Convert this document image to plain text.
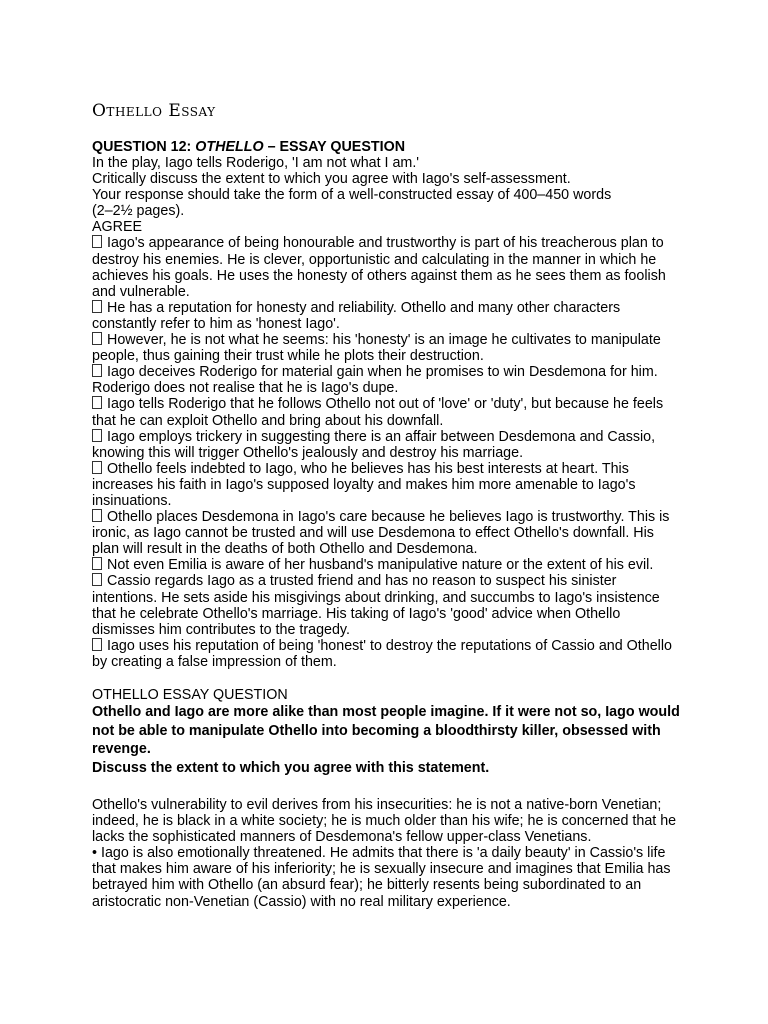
Othello Essay
QUESTION 12: OTHELLO – ESSAY QUESTION

In the play, Iago tells Roderigo, 'I am not what I am.'

Critically discuss the extent to which you agree with Iago's self-assessment.

Your response should take the form of a well-constructed essay of 400–450 words

(2–2½ pages).

AGREE

Iago's appearance of being honourable and trustworthy is part of his treacherous plan to destroy his enemies. He is clever, opportunistic and calculating in the manner in which he achieves his goals. He uses the honesty of others against them as he sees them as foolish and vulnerable.

He has a reputation for honesty and reliability. Othello and many other characters constantly refer to him as 'honest Iago'.

However, he is not what he seems: his 'honesty' is an image he cultivates to manipulate people, thus gaining their trust while he plots their destruction.

Iago deceives Roderigo for material gain when he promises to win Desdemona for him. Roderigo does not realise that he is Iago's dupe.

Iago tells Roderigo that he follows Othello not out of 'love' or 'duty', but because he feels that he can exploit Othello and bring about his downfall.

Iago employs trickery in suggesting there is an affair between Desdemona and Cassio, knowing this will trigger Othello's jealously and destroy his marriage.

Othello feels indebted to Iago, who he believes has his best interests at heart. This increases his faith in Iago's supposed loyalty and makes him more amenable to Iago's insinuations.

Othello places Desdemona in Iago's care because he believes Iago is trustworthy. This is ironic, as Iago cannot be trusted and will use Desdemona to effect Othello's downfall. His plan will result in the deaths of both Othello and Desdemona.

Not even Emilia is aware of her husband's manipulative nature or the extent of his evil.

Cassio regards Iago as a trusted friend and has no reason to suspect his sinister intentions. He sets aside his misgivings about drinking, and succumbs to Iago's insistence that he celebrate Othello's marriage. His taking of Iago's 'good' advice when Othello dismisses him contributes to the tragedy.

Iago uses his reputation of being 'honest' to destroy the reputations of Cassio and Othello by creating a false impression of them.

OTHELLO ESSAY QUESTION
Othello and Iago are more alike than most people imagine. If it were not so, Iago would not be able to manipulate Othello into becoming a bloodthirsty killer, obsessed with revenge.
Discuss the extent to which you agree with this statement.

Othello's vulnerability to evil derives from his insecurities: he is not a native-born Venetian; indeed, he is black in a white society; he is much older than his wife; he is concerned that he lacks the sophisticated manners of Desdemona's fellow upper-class Venetians.

• Iago is also emotionally threatened. He admits that there is 'a daily beauty' in Cassio's life that makes him aware of his inferiority; he is sexually insecure and imagines that Emilia has betrayed him with Othello (an absurd fear); he bitterly resents being subordinated to an aristocratic non-Venetian (Cassio) with no real military experience.
